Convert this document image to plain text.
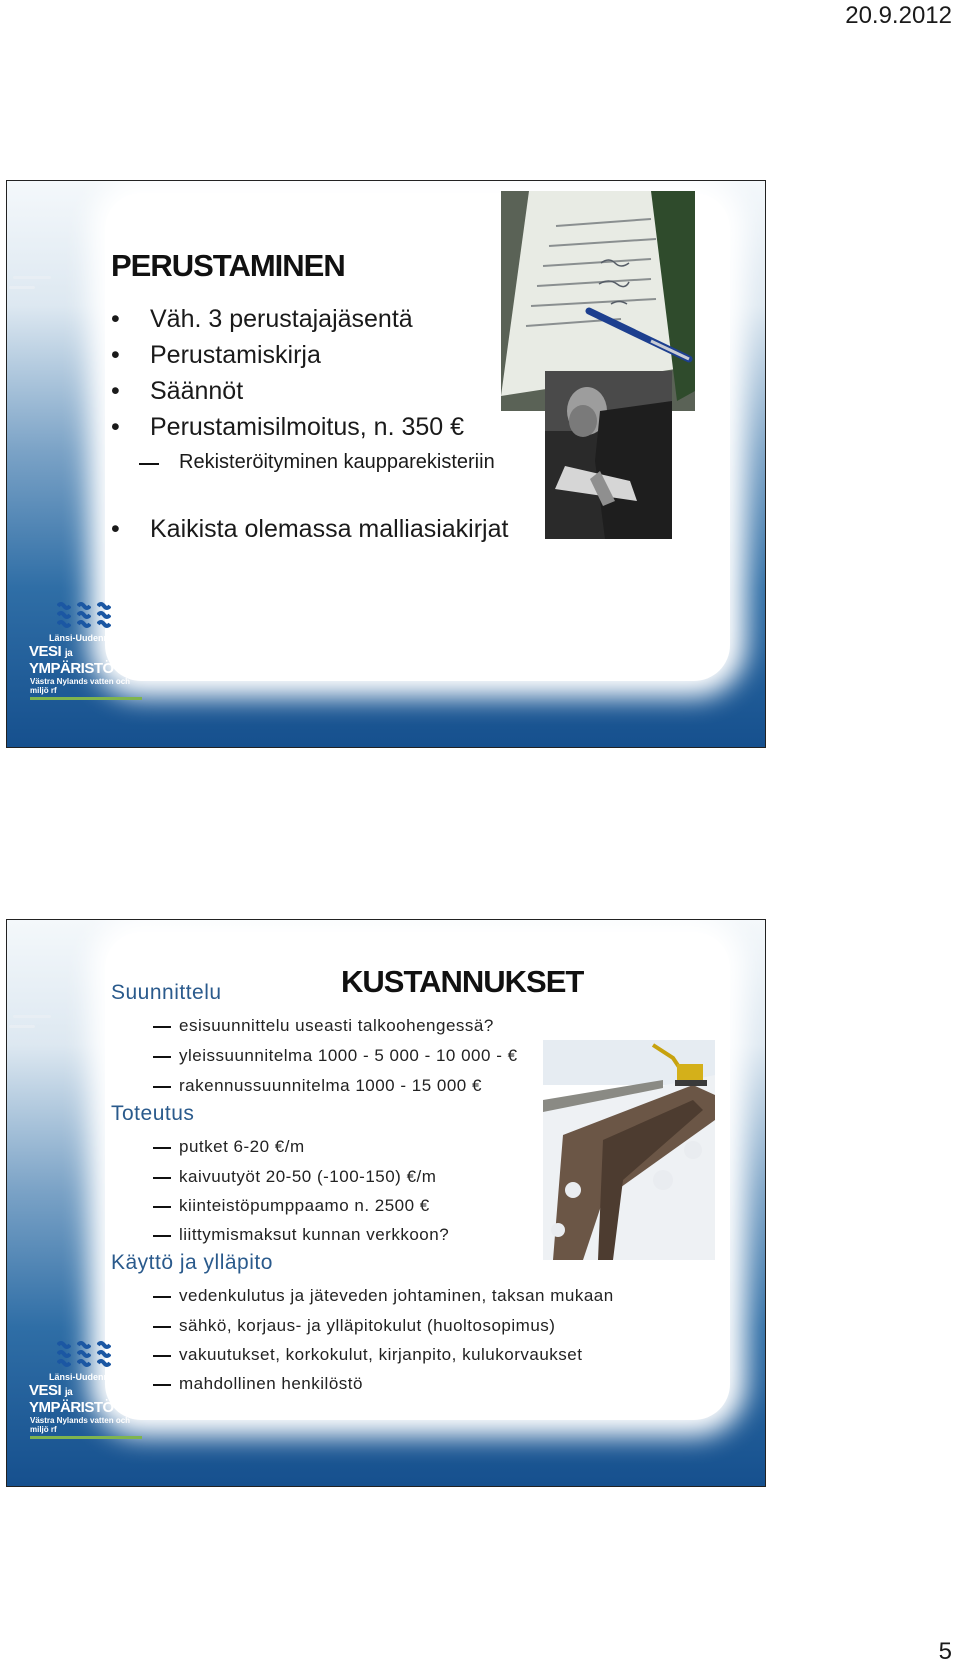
20.9.2012
PERUSTAMINEN
• Väh. 3 perustajajäsentä
• Perustamiskirja
• Säännöt
• Perustamisilmoitus, n. 350 €
Rekisteröityminen kaupparekisteriin
• Kaikista olemassa malliasiakirjat
Länsi-Uudenmaan
VESI ja YMPÄRISTÖ ry
Västra Nylands vatten och miljö rf
KUSTANNUKSET
Suunnittelu
esisuunnittelu useasti talkoohengessä?
yleissuunnitelma 1000 - 5 000 - 10 000 - €
rakennussuunnitelma 1000 - 15 000 €
Toteutus
putket 6-20 €/m
kaivuutyöt 20-50 (-100-150) €/m
kiinteistöpumppaamo n. 2500 €
liittymismaksut kunnan verkkoon?
Käyttö ja ylläpito
vedenkulutus ja jäteveden johtaminen, taksan mukaan
sähkö, korjaus- ja ylläpitokulut (huoltosopimus)
vakuutukset, korkokulut, kirjanpito, kulukorvaukset
mahdollinen henkilöstö
Länsi-Uudenmaan
VESI ja YMPÄRISTÖ ry
Västra Nylands vatten och miljö rf
5
